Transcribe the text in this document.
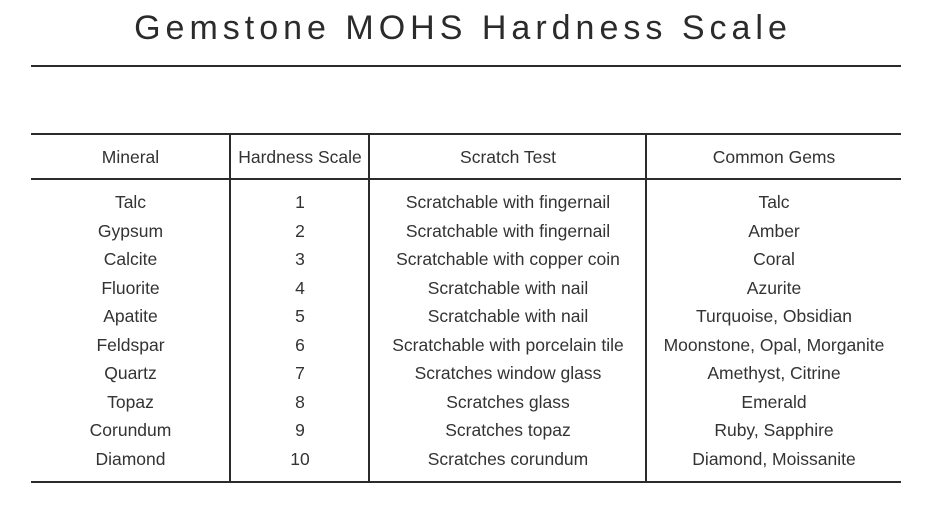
Gemstone MOHS Hardness Scale
Mineral	Hardness Scale	Scratch Test	Common Gems
Talc	1	Scratchable with fingernail	Talc
Gypsum	2	Scratchable with fingernail	Amber
Calcite	3	Scratchable with copper coin	Coral
Fluorite	4	Scratchable with nail	Azurite
Apatite	5	Scratchable with nail	Turquoise, Obsidian
Feldspar	6	Scratchable with porcelain tile	Moonstone, Opal, Morganite
Quartz	7	Scratches window glass	Amethyst, Citrine
Topaz	8	Scratches glass	Emerald
Corundum	9	Scratches topaz	Ruby, Sapphire
Diamond	10	Scratches corundum	Diamond, Moissanite
